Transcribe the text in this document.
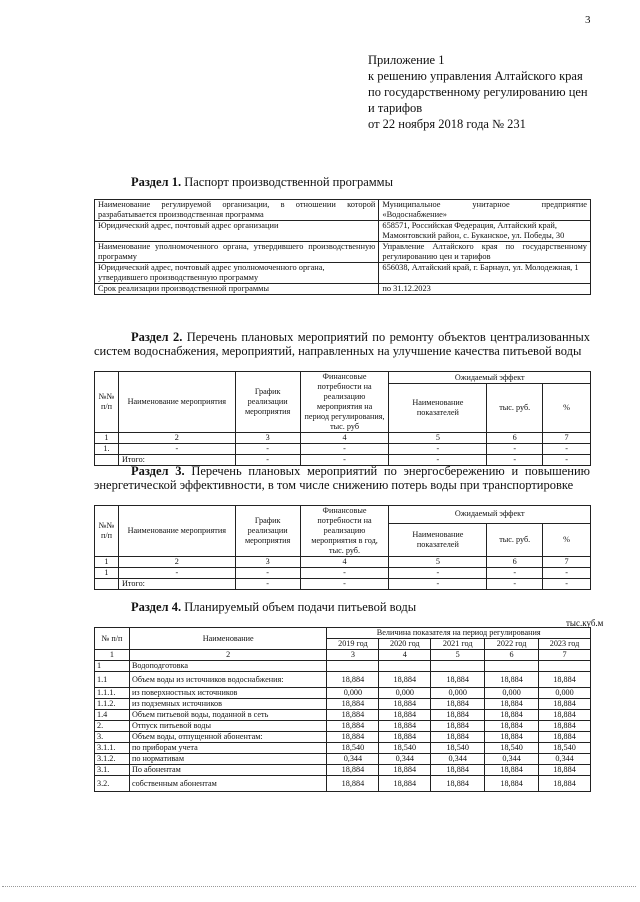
3
Приложение 1
к решению управления Алтайского края
по государственному регулированию цен
и тарифов
от 22 ноября 2018 года № 231
Раздел 1. Паспорт производственной программы
Наименование регулируемой организации, в отношении которой разрабатывается производственная программа	Муниципальное унитарное предприятие «Водоснабжение»
Юридический адрес, почтовый адрес организации	658571, Российская Федерация, Алтайский край, Мамонтовский район, с. Буканское, ул. Победы, 30
Наименование уполномоченного органа, утвердившего производственную программу	Управление Алтайского края по государственному регулированию цен и тарифов
Юридический адрес, почтовый адрес уполномоченного органа, утвердившего производственную программу	656038, Алтайский край, г. Барнаул, ул. Молодежная, 1
Срок реализации производственной программы	по 31.12.2023
Раздел 2. Перечень плановых мероприятий по ремонту объектов централизованных систем водоснабжения, мероприятий, направленных на улучшение качества питьевой воды
№№ п/п	Наименование мероприятия	График реализации мероприятия	Финансовые потребности на реализацию мероприятия на период регулирования, тыс. руб	Ожидаемый эффект		
				Наименование показателей	тыс. руб.	%
1	2	3	4	5	6	7
1.	-	-	-	-	-	-
	Итого:	-	-	-	-	-
Раздел 3. Перечень плановых мероприятий по энергосбережению и повышению энергетической эффективности, в том числе снижению потерь воды при транспортировке
№№ п/п	Наименование мероприятия	График реализации мероприятия	Финансовые потребности на реализацию мероприятия в год, тыс. руб.	Ожидаемый эффект		
				Наименование показателей	тыс. руб.	%
1	2	3	4	5	6	7
1	-	-	-	-	-	-
	Итого:	-	-	-	-	-
Раздел 4. Планируемый объем подачи питьевой воды
тыс.куб.м
№ п/п	Наименование	Величина показателя на период регулирования				
		2019 год	2020 год	2021 год	2022 год	2023 год
1	2	3	4	5	6	7
1	Водоподготовка					
1.1	Объем воды из источников водоснабжения:	18,884	18,884	18,884	18,884	18,884
1.1.1.	из поверхностных источников	0,000	0,000	0,000	0,000	0,000
1.1.2.	из подземных источников	18,884	18,884	18,884	18,884	18,884
1.4	Объем питьевой воды, поданной в сеть	18,884	18,884	18,884	18,884	18,884
2.	Отпуск питьевой воды	18,884	18,884	18,884	18,884	18,884
3.	Объем воды, отпущенной абонентам:	18,884	18,884	18,884	18,884	18,884
3.1.1.	по приборам учета	18,540	18,540	18,540	18,540	18,540
3.1.2.	по нормативам	0,344	0,344	0,344	0,344	0,344
3.1.	По абонентам	18,884	18,884	18,884	18,884	18,884
3.2.	собственным абонентам	18,884	18,884	18,884	18,884	18,884
